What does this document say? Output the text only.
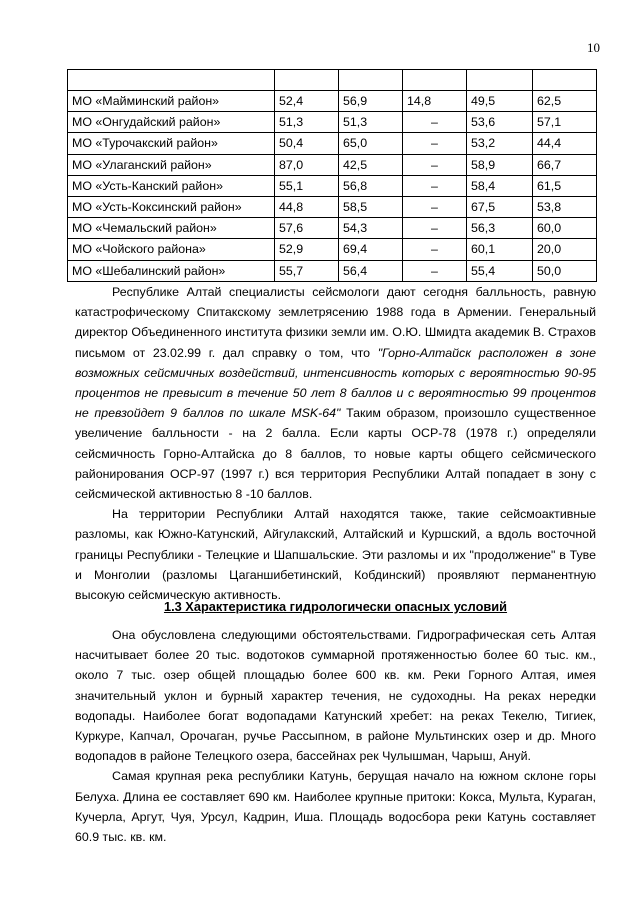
10

МО «Майминский район»	52,4	56,9	14,8	49,5	62,5
МО «Онгудайский район»	51,3	51,3	–	53,6	57,1
МО «Турочакский район»	50,4	65,0	–	53,2	44,4
МО «Улаганский район»	87,0	42,5	–	58,9	66,7
МО «Усть-Канский район»	55,1	56,8	–	58,4	61,5
МО «Усть-Коксинский район»	44,8	58,5	–	67,5	53,8
МО «Чемальский район»	57,6	54,3	–	56,3	60,0
МО «Чойского района»	52,9	69,4	–	60,1	20,0
МО «Шебалинский район»	55,7	56,4	–	55,4	50,0

Республике Алтай специалисты сейсмологи дают сегодня балльность, равную катастрофическому Спитакскому землетрясению 1988 года в Армении. Генеральный директор Объединенного института физики земли им. О.Ю. Шмидта академик В. Страхов письмом от 23.02.99 г. дал справку о том, что "Горно-Алтайск расположен в зоне возможных сейсмичных воздействий, интенсивность которых с вероятностью 90-95 процентов не превысит в течение 50 лет 8 баллов и с вероятностью 99 процентов не превзойдет 9 баллов по шкале MSK-64" Таким образом, произошло существенное увеличение балльности - на 2 балла. Если карты ОСР-78 (1978 г.) определяли сейсмичность Горно-Алтайска до 8 баллов, то новые карты общего сейсмического районирования ОСР-97 (1997 г.) вся территория Республики Алтай попадает в зону с сейсмической активностью 8 -10 баллов.

На территории Республики Алтай находятся также, такие сейсмоактивные разломы, как Южно-Катунский, Айгулакский, Алтайский и Куршский, а вдоль восточной границы Республики - Телецкие и Шапшальские. Эти разломы и их "продолжение" в Туве и Монголии (разломы Цаганшибетинский, Кобдинский) проявляют перманентную высокую сейсмическую активность.

1.3 Характеристика гидрологически опасных условий

Она обусловлена следующими обстоятельствами. Гидрографическая сеть Алтая насчитывает более 20 тыс. водотоков суммарной протяженностью более 60 тыс. км., около 7 тыс. озер общей площадью более 600 кв. км. Реки Горного Алтая, имея значительный уклон и бурный характер течения, не судоходны. На реках нередки водопады. Наиболее богат водопадами Катунский хребет: на реках Текелю, Тигиек, Куркуре, Капчал, Орочаган, ручье Рассыпном, в районе Мультинских озер и др. Много водопадов в районе Телецкого озера, бассейнах рек Чулышман, Чарыш, Ануй.

Самая крупная река республики Катунь, берущая начало на южном склоне горы Белуха. Длина ее составляет 690 км. Наиболее крупные притоки: Кокса, Мульта, Кураган, Кучерла, Аргут, Чуя, Урсул, Кадрин, Иша. Площадь водосбора реки Катунь составляет 60.9 тыс. кв. км.
